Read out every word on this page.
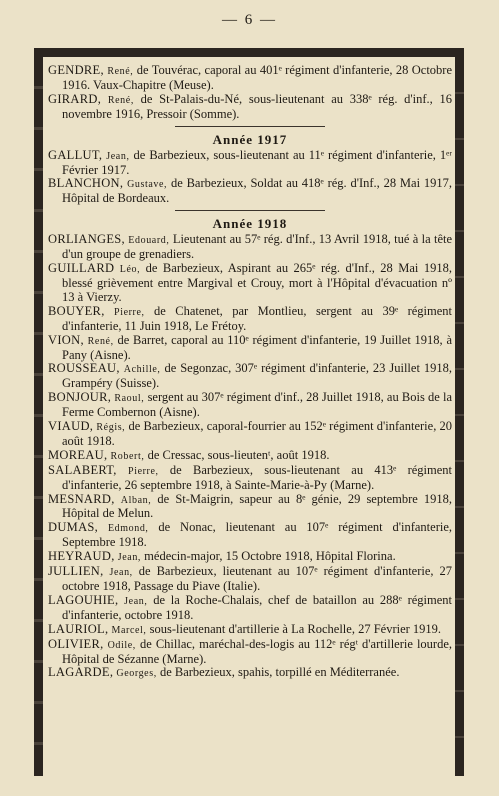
— 6 —
GENDRE, René, de Touvérac, caporal au 401ᵉ régiment d'infanterie, 28 Octobre 1916. Vaux-Chapitre (Meuse).
GIRARD, René, de St-Palais-du-Né, sous-lieutenant au 338ᵉ rég. d'inf., 16 novembre 1916, Pressoir (Somme).
Année 1917
GALLUT, Jean, de Barbezieux, sous-lieutenant au 11ᵉ régiment d'infanterie, 1ᵉʳ Février 1917.
BLANCHON, Gustave, de Barbezieux, Soldat au 418ᵉ rég. d'Inf., 28 Mai 1917, Hôpital de Bordeaux.
Année 1918
ORLIANGES, Edouard, Lieutenant au 57ᵉ rég. d'Inf., 13 Avril 1918, tué à la tête d'un groupe de grenadiers.
GUILLARD Léo, de Barbezieux, Aspirant au 265ᵉ rég. d'Inf., 28 Mai 1918, blessé grièvement entre Margival et Crouy, mort à l'Hôpital d'évacuation nº 13 à Vierzy.
BOUYER, Pierre, de Chatenet, par Montlieu, sergent au 39ᵉ régiment d'infanterie, 11 Juin 1918, Le Frétoy.
VION, René, de Barret, caporal au 110ᵉ régiment d'infanterie, 19 Juillet 1918, à Pany (Aisne).
ROUSSEAU, Achille, de Segonzac, 307ᵉ régiment d'infanterie, 23 Juillet 1918, Grampéry (Suisse).
BONJOUR, Raoul, sergent au 307ᵉ régiment d'inf., 28 Juillet 1918, au Bois de la Ferme Combernon (Aisne).
VIAUD, Régis, de Barbezieux, caporal-fourrier au 152ᵉ régiment d'infanterie, 20 août 1918.
MOREAU, Robert, de Cressac, sous-lieutenᵗ, août 1918.
SALABERT, Pierre, de Barbezieux, sous-lieutenant au 413ᵉ régiment d'infanterie, 26 septembre 1918, à Sainte-Marie-à-Py (Marne).
MESNARD, Alban, de St-Maigrin, sapeur au 8ᵉ génie, 29 septembre 1918, Hôpital de Melun.
DUMAS, Edmond, de Nonac, lieutenant au 107ᵉ régiment d'infanterie, Septembre 1918.
HEYRAUD, Jean, médecin-major, 15 Octobre 1918, Hôpital Florina.
JULLIEN, Jean, de Barbezieux, lieutenant au 107ᵉ régiment d'infanterie, 27 octobre 1918, Passage du Piave (Italie).
LAGOUHIE, Jean, de la Roche-Chalais, chef de bataillon au 288ᵉ régiment d'infanterie, octobre 1918.
LAURIOL, Marcel, sous-lieutenant d'artillerie à La Rochelle, 27 Février 1919.
OLIVIER, Odile, de Chillac, maréchal-des-logis au 112ᵉ régᵗ d'artillerie lourde, Hôpital de Sézanne (Marne).
LAGARDE, Georges, de Barbezieux, spahis, torpillé en Méditerranée.
